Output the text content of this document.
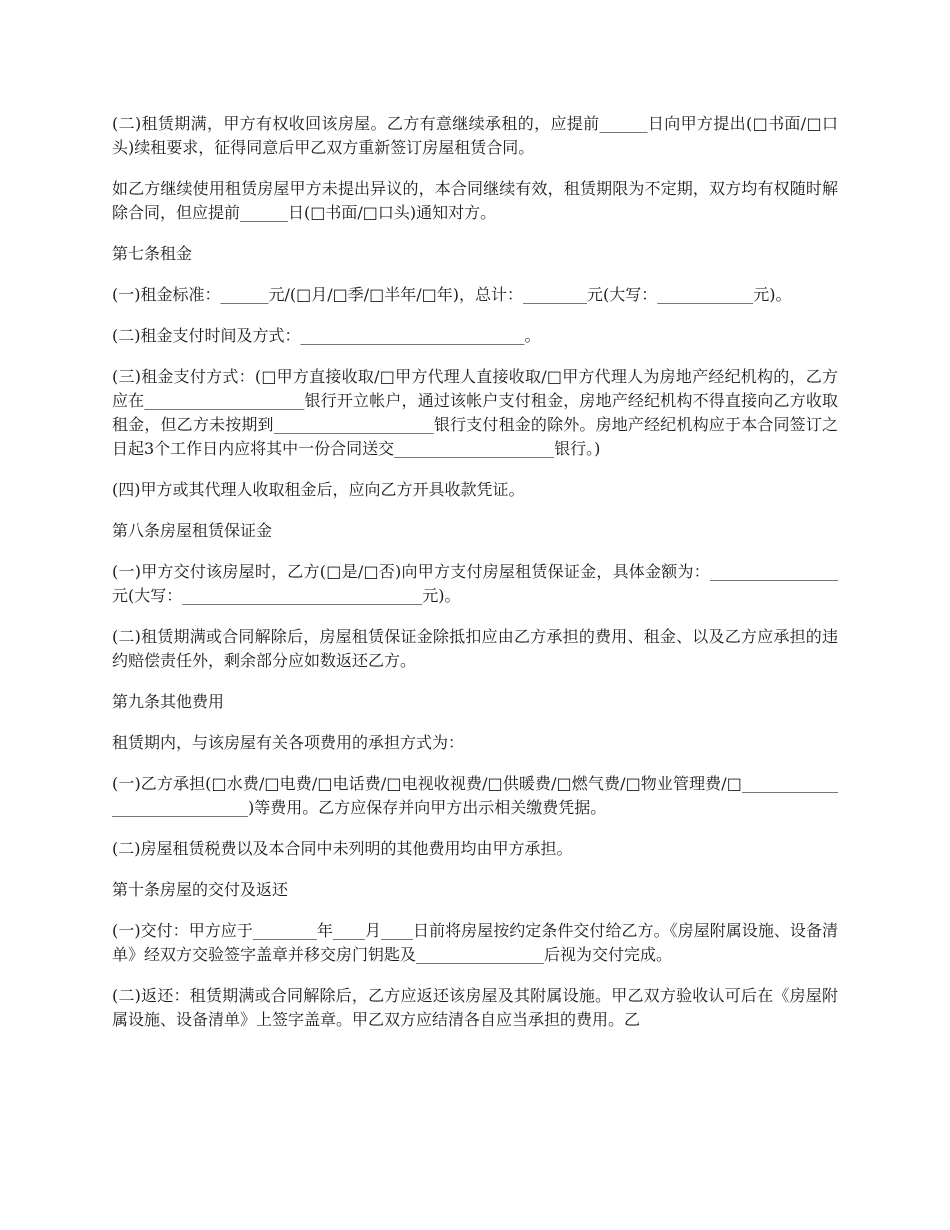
(二)租赁期满，甲方有权收回该房屋。乙方有意继续承租的，应提前______日向甲方提出(□书面/□口头)续租要求，征得同意后甲乙双方重新签订房屋租赁合同。

如乙方继续使用租赁房屋甲方未提出异议的，本合同继续有效，租赁期限为不定期，双方均有权随时解除合同，但应提前______日(□书面/□口头)通知对方。

第七条租金

(一)租金标准：______元/(□月/□季/□半年/□年)，总计：________元(大写：____________元)。

(二)租金支付时间及方式：____________________________。

(三)租金支付方式：(□甲方直接收取/□甲方代理人直接收取/□甲方代理人为房地产经纪机构的，乙方应在____________________银行开立帐户，通过该帐户支付租金，房地产经纪机构不得直接向乙方收取租金，但乙方未按期到____________________银行支付租金的除外。房地产经纪机构应于本合同签订之日起3个工作日内应将其中一份合同送交____________________银行。)

(四)甲方或其代理人收取租金后，应向乙方开具收款凭证。

第八条房屋租赁保证金

(一)甲方交付该房屋时，乙方(□是/□否)向甲方支付房屋租赁保证金，具体金额为：________________元(大写：______________________________元)。

(二)租赁期满或合同解除后，房屋租赁保证金除抵扣应由乙方承担的费用、租金、以及乙方应承担的违约赔偿责任外，剩余部分应如数返还乙方。

第九条其他费用

租赁期内，与该房屋有关各项费用的承担方式为：

(一)乙方承担(□水费/□电费/□电话费/□电视收视费/□供暖费/□燃气费/□物业管理费/□_____________________________)等费用。乙方应保存并向甲方出示相关缴费凭据。

(二)房屋租赁税费以及本合同中未列明的其他费用均由甲方承担。

第十条房屋的交付及返还

(一)交付：甲方应于________年____月____日前将房屋按约定条件交付给乙方。《房屋附属设施、设备清单》经双方交验签字盖章并移交房门钥匙及________________后视为交付完成。

(二)返还：租赁期满或合同解除后，乙方应返还该房屋及其附属设施。甲乙双方验收认可后在《房屋附属设施、设备清单》上签字盖章。甲乙双方应结清各自应当承担的费用。乙
